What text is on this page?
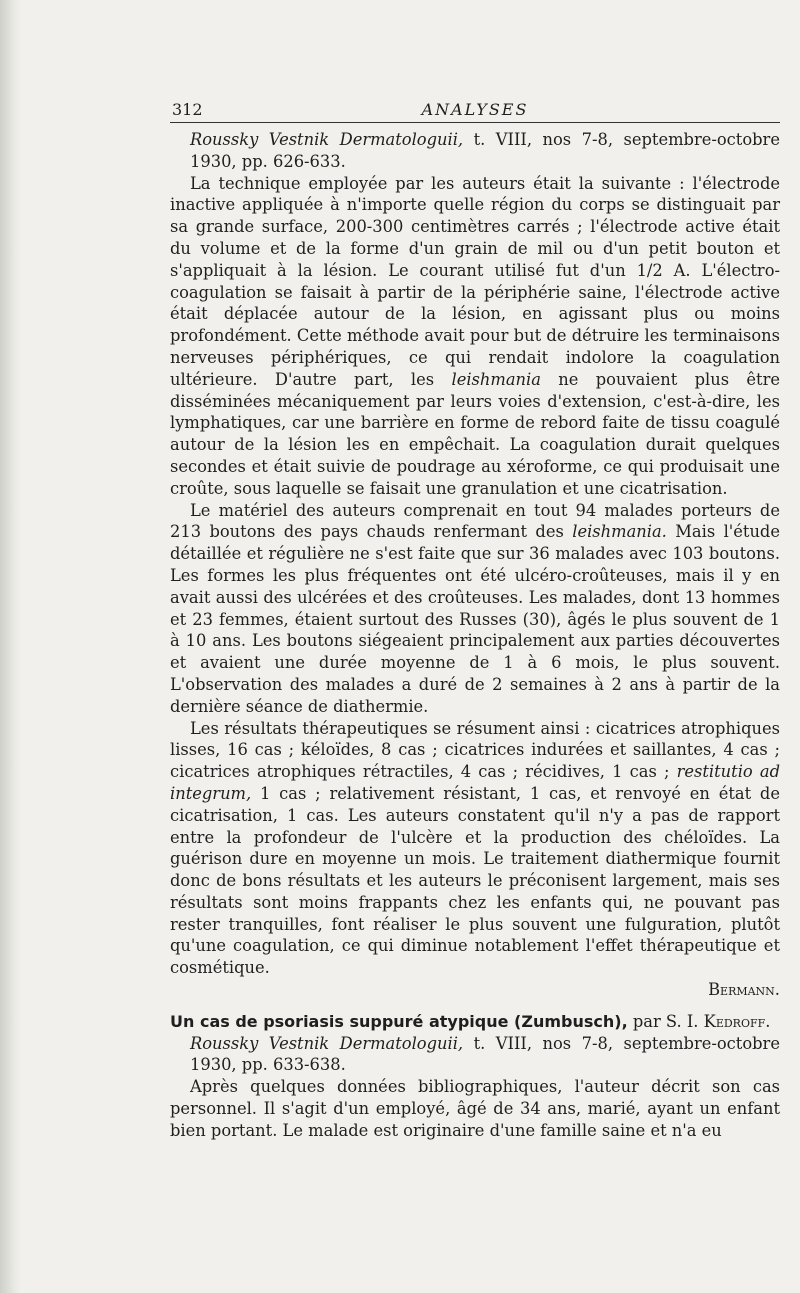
312	ANALYSES

Roussky Vestnik Dermatologuii, t. VIII, nos 7-8, septembre-octobre 1930, pp. 626-633.

La technique employée par les auteurs était la suivante : l'électrode inactive appliquée à n'importe quelle région du corps se distinguait par sa grande surface, 200-300 centimètres carrés ; l'électrode active était du volume et de la forme d'un grain de mil ou d'un petit bouton et s'appliquait à la lésion. Le courant utilisé fut d'un 1/2 A. L'électro-coagulation se faisait à partir de la périphérie saine, l'électrode active était déplacée autour de la lésion, en agissant plus ou moins profondément. Cette méthode avait pour but de détruire les terminaisons nerveuses périphériques, ce qui rendait indolore la coagulation ultérieure. D'autre part, les leishmania ne pouvaient plus être disséminées mécaniquement par leurs voies d'extension, c'est-à-dire, les lymphatiques, car une barrière en forme de rebord faite de tissu coagulé autour de la lésion les en empêchait. La coagulation durait quelques secondes et était suivie de poudrage au xéroforme, ce qui produisait une croûte, sous laquelle se faisait une granulation et une cicatrisation.

Le matériel des auteurs comprenait en tout 94 malades porteurs de 213 boutons des pays chauds renfermant des leishmania. Mais l'étude détaillée et régulière ne s'est faite que sur 36 malades avec 103 boutons. Les formes les plus fréquentes ont été ulcéro-croûteuses, mais il y en avait aussi des ulcérées et des croûteuses. Les malades, dont 13 hommes et 23 femmes, étaient surtout des Russes (30), âgés le plus souvent de 1 à 10 ans. Les boutons siégeaient principalement aux parties découvertes et avaient une durée moyenne de 1 à 6 mois, le plus souvent. L'observation des malades a duré de 2 semaines à 2 ans à partir de la dernière séance de diathermie.

Les résultats thérapeutiques se résument ainsi : cicatrices atrophiques lisses, 16 cas ; kéloïdes, 8 cas ; cicatrices indurées et saillantes, 4 cas ; cicatrices atrophiques rétractiles, 4 cas ; récidives, 1 cas ; restitutio ad integrum, 1 cas ; relativement résistant, 1 cas, et renvoyé en état de cicatrisation, 1 cas. Les auteurs constatent qu'il n'y a pas de rapport entre la profondeur de l'ulcère et la production des chéloïdes. La guérison dure en moyenne un mois. Le traitement diathermique fournit donc de bons résultats et les auteurs le préconisent largement, mais ses résultats sont moins frappants chez les enfants qui, ne pouvant pas rester tranquilles, font réaliser le plus souvent une fulguration, plutôt qu'une coagulation, ce qui diminue notablement l'effet thérapeutique et cosmétique.

Bermann.

Un cas de psoriasis suppuré atypique (Zumbusch), par S. I. Kedroff.

Roussky Vestnik Dermatologuii, t. VIII, nos 7-8, septembre-octobre 1930, pp. 633-638.

Après quelques données bibliographiques, l'auteur décrit son cas personnel. Il s'agit d'un employé, âgé de 34 ans, marié, ayant un enfant bien portant. Le malade est originaire d'une famille saine et n'a eu
